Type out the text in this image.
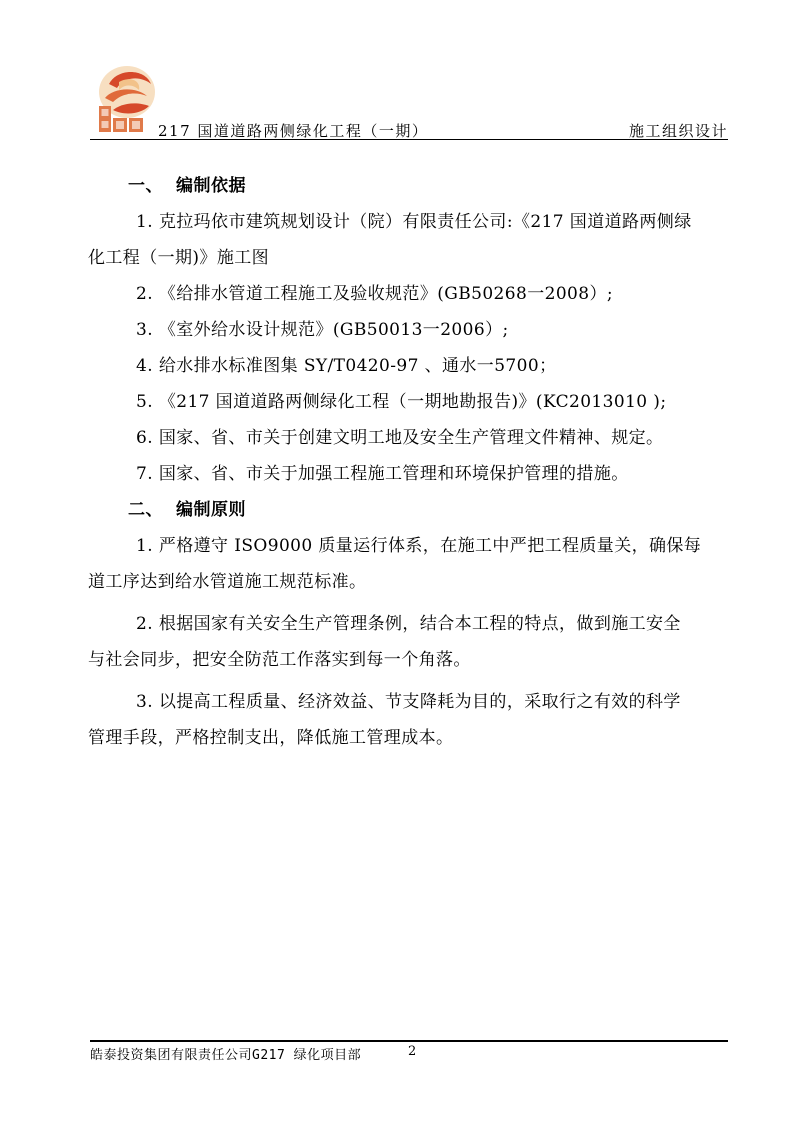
217 国道道路两侧绿化工程（一期）	施工组织设计

一、 编制依据

1. 克拉玛依市建筑规划设计（院）有限责任公司:《217 国道道路两侧绿
化工程（一期)》施工图

2. 《给排水管道工程施工及验收规范》(GB50268一2008）;

3. 《室外给水设计规范》(GB50013一2006）;

4. 给水排水标准图集 SY/T0420-97 、通水一5700；

5. 《217 国道道路两侧绿化工程（一期地勘报告)》(KC2013010 );

6. 国家、省、市关于创建文明工地及安全生产管理文件精神、规定。

7. 国家、省、市关于加强工程施工管理和环境保护管理的措施。

二、 编制原则

1. 严格遵守 ISO9000 质量运行体系，在施工中严把工程质量关，确保每
道工序达到给水管道施工规范标准。
2. 根据国家有关安全生产管理条例，结合本工程的特点，做到施工安全
与社会同步，把安全防范工作落实到每一个角落。
3. 以提高工程质量、经济效益、节支降耗为目的，采取行之有效的科学
管理手段，严格控制支出，降低施工管理成本。
皓泰投资集团有限责任公司G217 绿化项目部	2
